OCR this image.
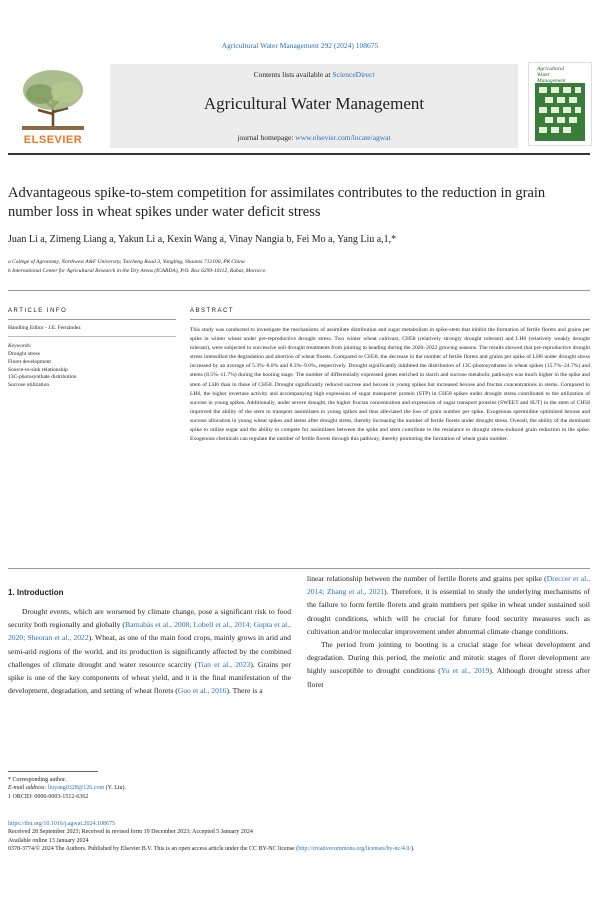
Agricultural Water Management 292 (2024) 108675
ELSEVIER
Contents lists available at ScienceDirect
Agricultural Water Management
journal homepage: www.elsevier.com/locate/agwat
Agricultural Water Management
Advantageous spike-to-stem competition for assimilates contributes to the reduction in grain number loss in wheat spikes under water deficit stress
Juan Li a, Zimeng Liang a, Yakun Li a, Kexin Wang a, Vinay Nangia b, Fei Mo a, Yang Liu a,1,*
a College of Agronomy, Northwest A&F University, Taicheng Road 3, Yangling, Shaanxi 712100, PR China
b International Center for Agricultural Research in the Dry Areas (ICARDA), P.O. Box 6299-10112, Rabat, Morocco
ARTICLE INFO	ABSTRACT
Handling Editor - J.E. Fernández
Keywords:
Drought stress
Floret development
Source-to-sink relationship
13C-photosynthate distribution
Sucrose utilization
This study was conducted to investigate the mechanisms of assimilate distribution and sugar metabolism in spike-stem that inhibit the formation of fertile florets and grains per spike in winter wheat under pre-reproductive drought stress. Two winter wheat cultivars, CH58 (relatively strongly drought tolerant) and LH6 (relatively weakly drought tolerant), were subjected to successive soil drought treatments from jointing to heading during the 2020–2022 growing seasons. The results showed that pre-reproductive drought stress intensified the degradation and abortion of wheat florets. Compared to CH58, the decrease in the number of fertile florets and grains per spike of LH6 under drought stress increased by an average of 5.3%–8.0% and 8.3%–9.0%, respectively. Drought significantly inhibited the distribution of 13C-photosynthates in wheat spikes (15.7%–24.7%) and stems (8.5%–11.7%) during the booting stage. The number of differentially expressed genes enriched in starch and sucrose metabolic pathways was much higher in the spike and stem of LH6 than in those of CH58. Drought significantly reduced sucrose and hexose in young spikes but increased hexose and fructan concentrations in stems. Compared to LH6, the higher invertase activity and accompanying high expression of sugar transporter protein (STP) in CH58 spikes under drought stress contributed to the utilization of sucrose in young spikes. Additionally, under severe drought, the higher fructan concentration and expression of sugar transport proteins (SWEET and SUT) in the stem of CH58 improved the ability of the stem to transport assimilates to young spikes and thus alleviated the loss of grain number per spike. Exogenous spermidine optimized hexose and sucrose allocation in young wheat spikes and stems after drought stress, thereby increasing the number of fertile florets under drought stress. Overall, the ability of the dominant spike to utilize sugar and the ability to compete for assimilates between the spike and stem contribute to the resistance to drought stress-induced grain reduction in the spike. Exogenous chemicals can regulate the number of fertile florets through this pathway, thereby promoting the formation of wheat grain number.
1. Introduction
Drought events, which are worsened by climate change, pose a significant risk to food security both regionally and globally (Barnabás et al., 2008; Lobell et al., 2014; Gupta et al., 2020; Sheoran et al., 2022). Wheat, as one of the main food crops, mainly grows in arid and semi-arid regions of the world, and its production is significantly affected by the combined challenges of climate drought and water resource scarcity (Tian et al., 2023). Grains per spike is one of the key components of wheat yield, and it is the final manifestation of the development, degradation, and setting of wheat florets (Guo et al., 2016). There is a
linear relationship between the number of fertile florets and grains per spike (Dreccer et al., 2014; Zhang et al., 2021). Therefore, it is essential to study the underlying mechanisms of the failure to form fertile florets and grain numbers per spike in wheat under sustained soil drought conditions, which will be crucial for future food security measures such as cultivation and/or molecular improvement under abnormal climate change conditions.
The period from jointing to booting is a crucial stage for wheat development and degradation. During this period, the meiotic and mitotic stages of floret development are highly susceptible to drought conditions (Yu et al., 2019). Although drought stress after floret
* Corresponding author.
E-mail address: liuyang0328@126.com (Y. Liu).
1 ORCID: 0000-0003-1512-6362
https://doi.org/10.1016/j.agwat.2024.108675
Received 28 September 2023; Received in revised form 19 December 2023; Accepted 5 January 2024
Available online 13 January 2024
0378-3774/© 2024 The Authors. Published by Elsevier B.V. This is an open access article under the CC BY-NC license (http://creativecommons.org/licenses/by-nc/4.0/).
